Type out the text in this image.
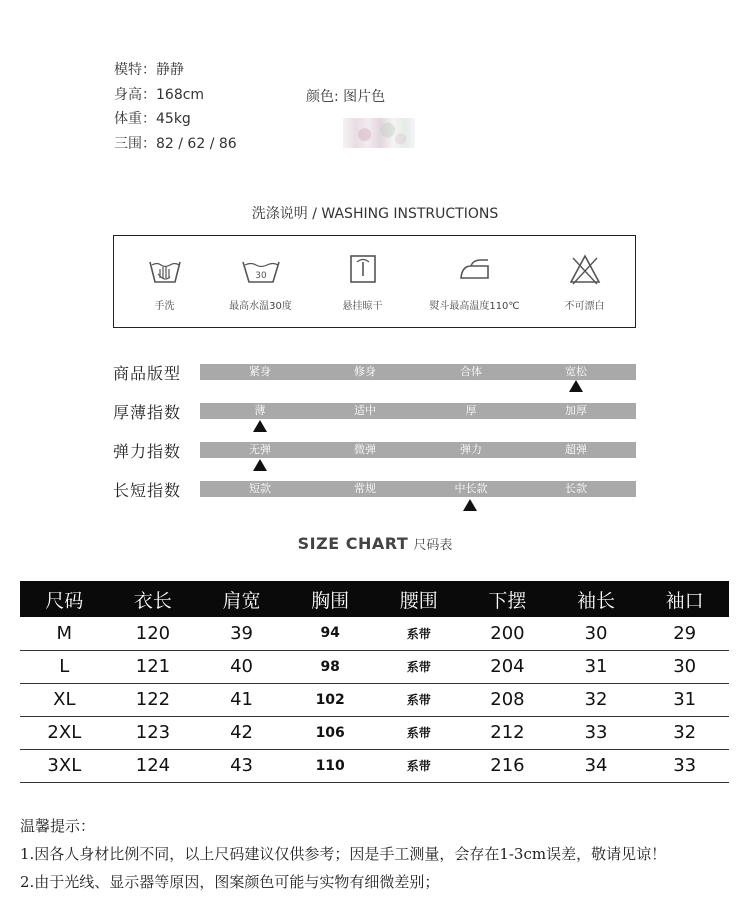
模特：静静
身高：168cm
体重：45kg
三围：82 / 62 / 86
颜色: 图片色
洗涤说明 / WASHING INSTRUCTIONS
手洗
30
最高水温30度	悬挂晾干	熨斗最高温度110℃	不可漂白
商品版型	紧身	修身	合体	宽松
厚薄指数	薄	适中	厚	加厚
弹力指数	无弹	微弹	弹力	超弹
长短指数	短款	常规	中长款	长款
SIZE CHART 尺码表
尺码	衣长	肩宽	胸围	腰围	下摆	袖长	袖口
M	120	39	94	系带	200	30	29
L	121	40	98	系带	204	31	30
XL	122	41	102	系带	208	32	31
2XL	123	42	106	系带	212	33	32
3XL	124	43	110	系带	216	34	33
温馨提示：
1.因各人身材比例不同，以上尺码建议仅供参考；因是手工测量，会存在1-3cm误差，敬请见谅！
2.由于光线、显示器等原因，图案颜色可能与实物有细微差别；
